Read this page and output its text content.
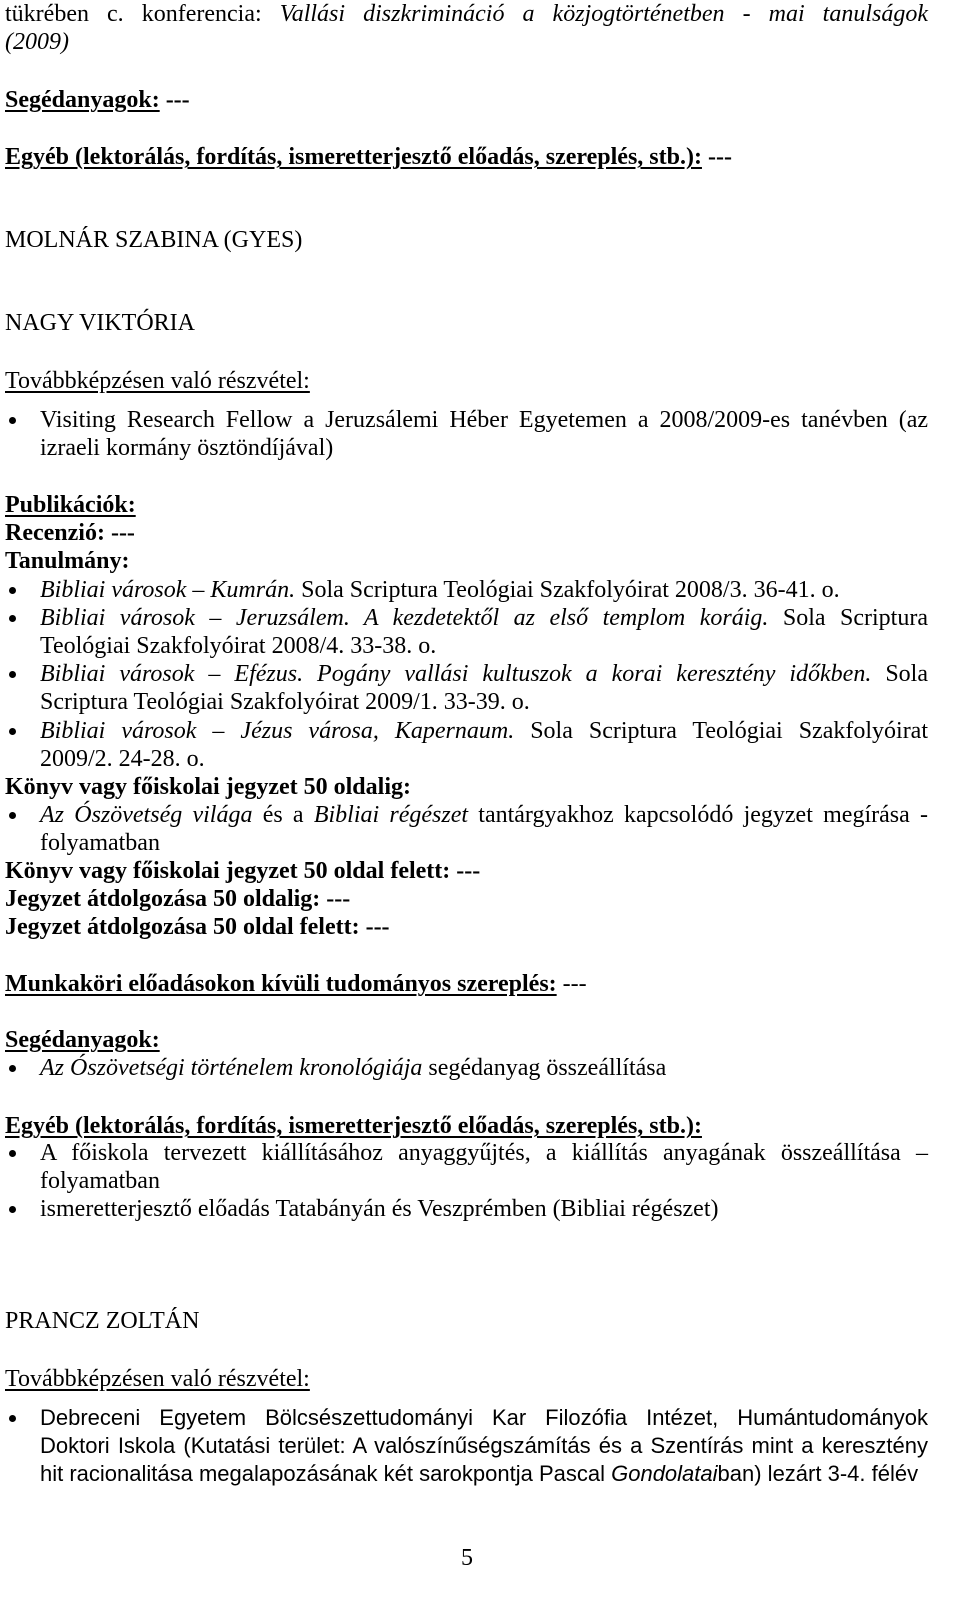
tükrében c. konferencia: Vallási diszkrimináció a közjogtörténetben - mai tanulságok
(2009)
Segédanyagok: ---
Egyéb (lektorálás, fordítás, ismeretterjesztő előadás, szereplés, stb.): ---
MOLNÁR SZABINA (GYES)
NAGY VIKTÓRIA
Továbbképzésen való részvétel:
Visiting Research Fellow a Jeruzsálemi Héber Egyetemen a 2008/2009-es tanévben (az
izraeli kormány ösztöndíjával)
Publikációk:
Recenzió: ---
Tanulmány:
Bibliai városok – Kumrán. Sola Scriptura Teológiai Szakfolyóirat 2008/3. 36-41. o.
Bibliai városok – Jeruzsálem. A kezdetektől az első templom koráig. Sola Scriptura
Teológiai Szakfolyóirat 2008/4. 33-38. o.
Bibliai városok – Efézus. Pogány vallási kultuszok a korai keresztény időkben. Sola
Scriptura Teológiai Szakfolyóirat 2009/1. 33-39. o.
Bibliai városok – Jézus városa, Kapernaum. Sola Scriptura Teológiai Szakfolyóirat
2009/2. 24-28. o.
Könyv vagy főiskolai jegyzet 50 oldalig:
Az Ószövetség világa és a Bibliai régészet tantárgyakhoz kapcsolódó jegyzet megírása -
folyamatban
Könyv vagy főiskolai jegyzet 50 oldal felett: ---
Jegyzet átdolgozása 50 oldalig: ---
Jegyzet átdolgozása 50 oldal felett: ---
Munkaköri előadásokon kívüli tudományos szereplés: ---
Segédanyagok:
Az Ószövetségi történelem kronológiája segédanyag összeállítása
Egyéb (lektorálás, fordítás, ismeretterjesztő előadás, szereplés, stb.):
A főiskola tervezett kiállításához anyaggyűjtés, a kiállítás anyagának összeállítása –
folyamatban
ismeretterjesztő előadás Tatabányán és Veszprémben (Bibliai régészet)
PRANCZ ZOLTÁN
Továbbképzésen való részvétel:
Debreceni Egyetem Bölcsészettudományi Kar Filozófia Intézet, Humántudományok
Doktori Iskola (Kutatási terület: A valószínűségszámítás és a Szentírás mint a keresztény
hit racionalitása megalapozásának két sarokpontja Pascal Gondolataiban) lezárt 3-4. félév
5
